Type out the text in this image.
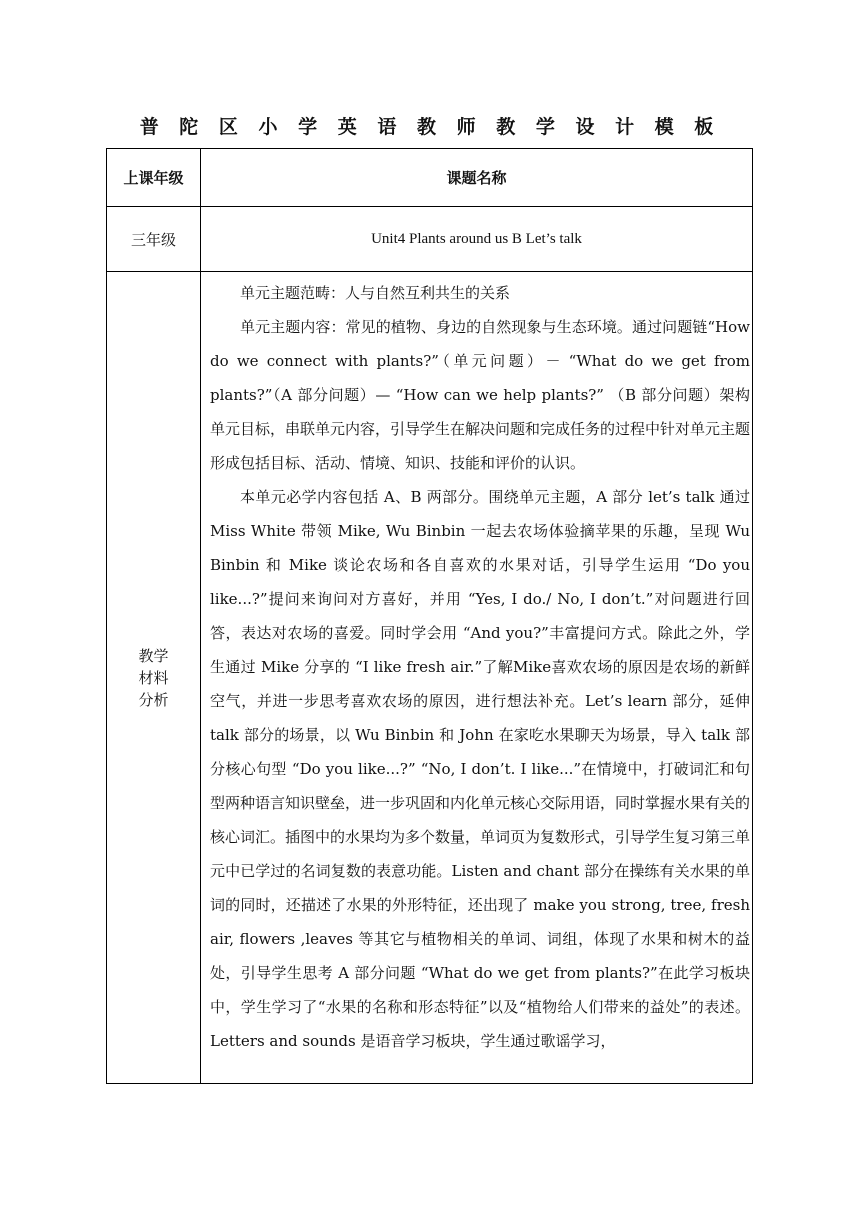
普 陀 区 小 学 英 语 教 师 教 学 设 计 模 板
上课年级	课题名称
三年级	Unit4 Plants around us B Let’s talk
教学材料分析	单元主题范畴：人与自然互利共生的关系

单元主题内容：常见的植物、身边的自然现象与生态环境。通过问题链“How do we connect with plants?”（单元问题）－ “What do we get from plants?”（A 部分问题）— “How can we help plants?” （B 部分问题）架构单元目标，串联单元内容，引导学生在解决问题和完成任务的过程中针对单元主题形成包括目标、活动、情境、知识、技能和评价的认识。

本单元必学内容包括 A、B 两部分。围绕单元主题，A 部分 let’s talk 通过 Miss White 带领 Mike, Wu Binbin 一起去农场体验摘苹果的乐趣，呈现 Wu Binbin 和 Mike 谈论农场和各自喜欢的水果对话，引导学生运用 “Do you like...?”提问来询问对方喜好，并用 “Yes, I do./ No, I don’t.”对问题进行回答，表达对农场的喜爱。同时学会用 “And you?”丰富提问方式。除此之外，学生通过 Mike 分享的 “I like fresh air.”了解Mike喜欢农场的原因是农场的新鲜空气，并进一步思考喜欢农场的原因，进行想法补充。Let’s learn 部分，延伸 talk 部分的场景，以 Wu Binbin 和 John 在家吃水果聊天为场景，导入 talk 部分核心句型 “Do you like...?” “No, I don’t. I like...”在情境中，打破词汇和句型两种语言知识壁垒，进一步巩固和内化单元核心交际用语，同时掌握水果有关的核心词汇。插图中的水果均为多个数量，单词页为复数形式，引导学生复习第三单元中已学过的名词复数的表意功能。Listen and chant 部分在操练有关水果的单词的同时，还描述了水果的外形特征，还出现了 make you strong, tree, fresh air, flowers ,leaves 等其它与植物相关的单词、词组，体现了水果和树木的益处，引导学生思考 A 部分问题 “What do we get from plants?”在此学习板块中，学生学习了“水果的名称和形态特征”以及“植物给人们带来的益处”的表述。Letters and sounds 是语音学习板块，学生通过歌谣学习，
